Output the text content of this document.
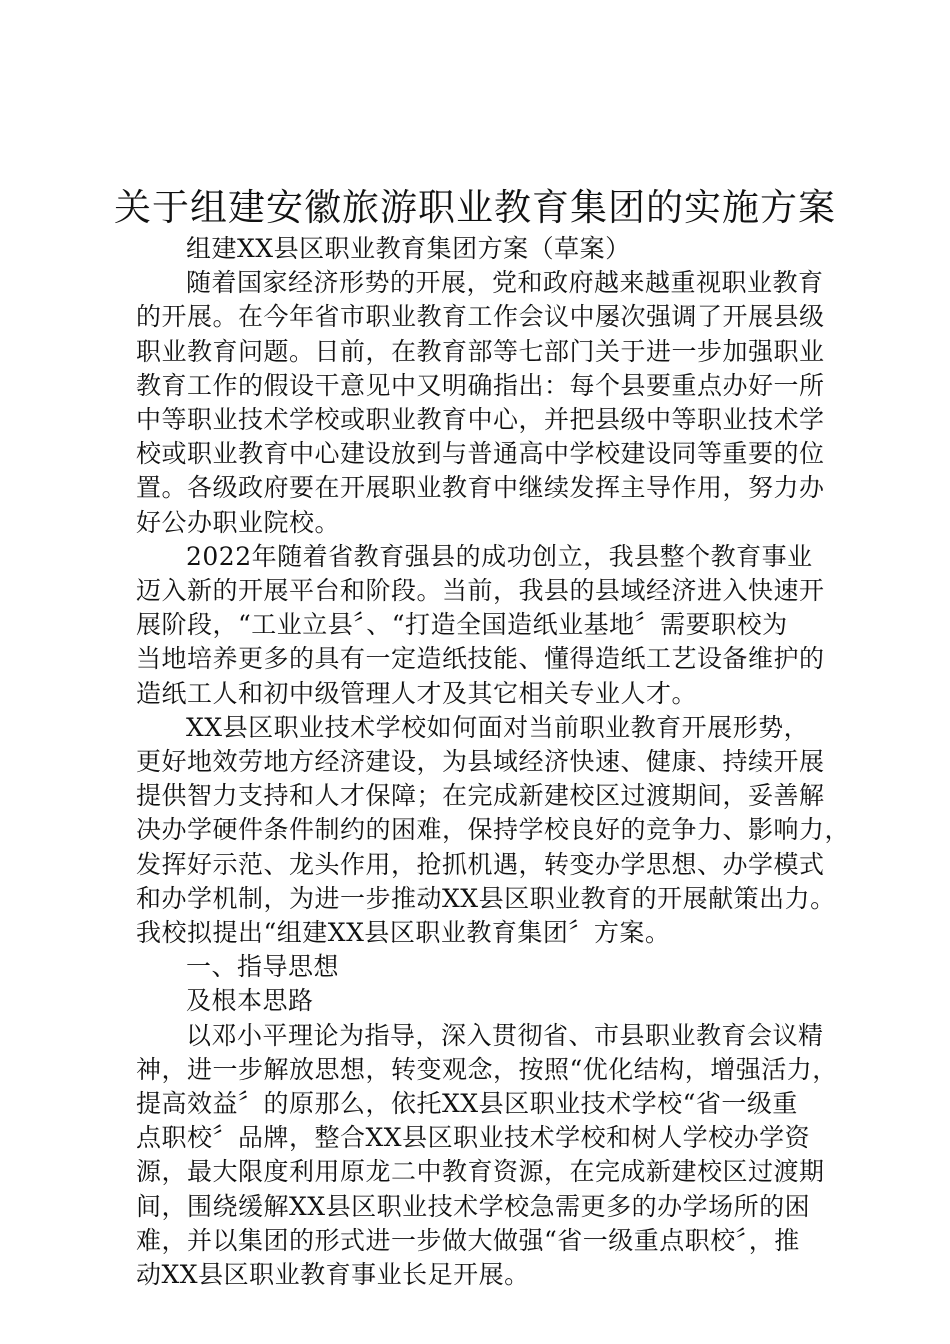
关于组建安徽旅游职业教育集团的实施方案
组建XX县区职业教育集团方案（草案）
随着国家经济形势的开展，党和政府越来越重视职业教育
的开展。在今年省市职业教育工作会议中屡次强调了开展县级
职业教育问题。日前，在教育部等七部门关于进一步加强职业
教育工作的假设干意见中又明确指出：每个县要重点办好一所
中等职业技术学校或职业教育中心，并把县级中等职业技术学
校或职业教育中心建设放到与普通高中学校建设同等重要的位
置。各级政府要在开展职业教育中继续发挥主导作用，努力办
好公办职业院校。
2022年随着省教育强县的成功创立，我县整个教育事业
迈入新的开展平台和阶段。当前，我县的县域经济进入快速开
展阶段，“工业立县〞、“打造全国造纸业基地〞需要职校为
当地培养更多的具有一定造纸技能、懂得造纸工艺设备维护的
造纸工人和初中级管理人才及其它相关专业人才。
XX县区职业技术学校如何面对当前职业教育开展形势，
更好地效劳地方经济建设，为县域经济快速、健康、持续开展
提供智力支持和人才保障；在完成新建校区过渡期间，妥善解
决办学硬件条件制约的困难，保持学校良好的竞争力、影响力，
发挥好示范、龙头作用，抢抓机遇，转变办学思想、办学模式
和办学机制，为进一步推动XX县区职业教育的开展献策出力。
我校拟提出“组建XX县区职业教育集团〞方案。
一、指导思想
及根本思路
以邓小平理论为指导，深入贯彻省、市县职业教育会议精
神，进一步解放思想，转变观念，按照“优化结构，增强活力，
提高效益〞的原那么，依托XX县区职业技术学校“省一级重
点职校〞品牌，整合XX县区职业技术学校和树人学校办学资
源，最大限度利用原龙二中教育资源，在完成新建校区过渡期
间，围绕缓解XX县区职业技术学校急需更多的办学场所的困
难，并以集团的形式进一步做大做强“省一级重点职校〞，推
动XX县区职业教育事业长足开展。
